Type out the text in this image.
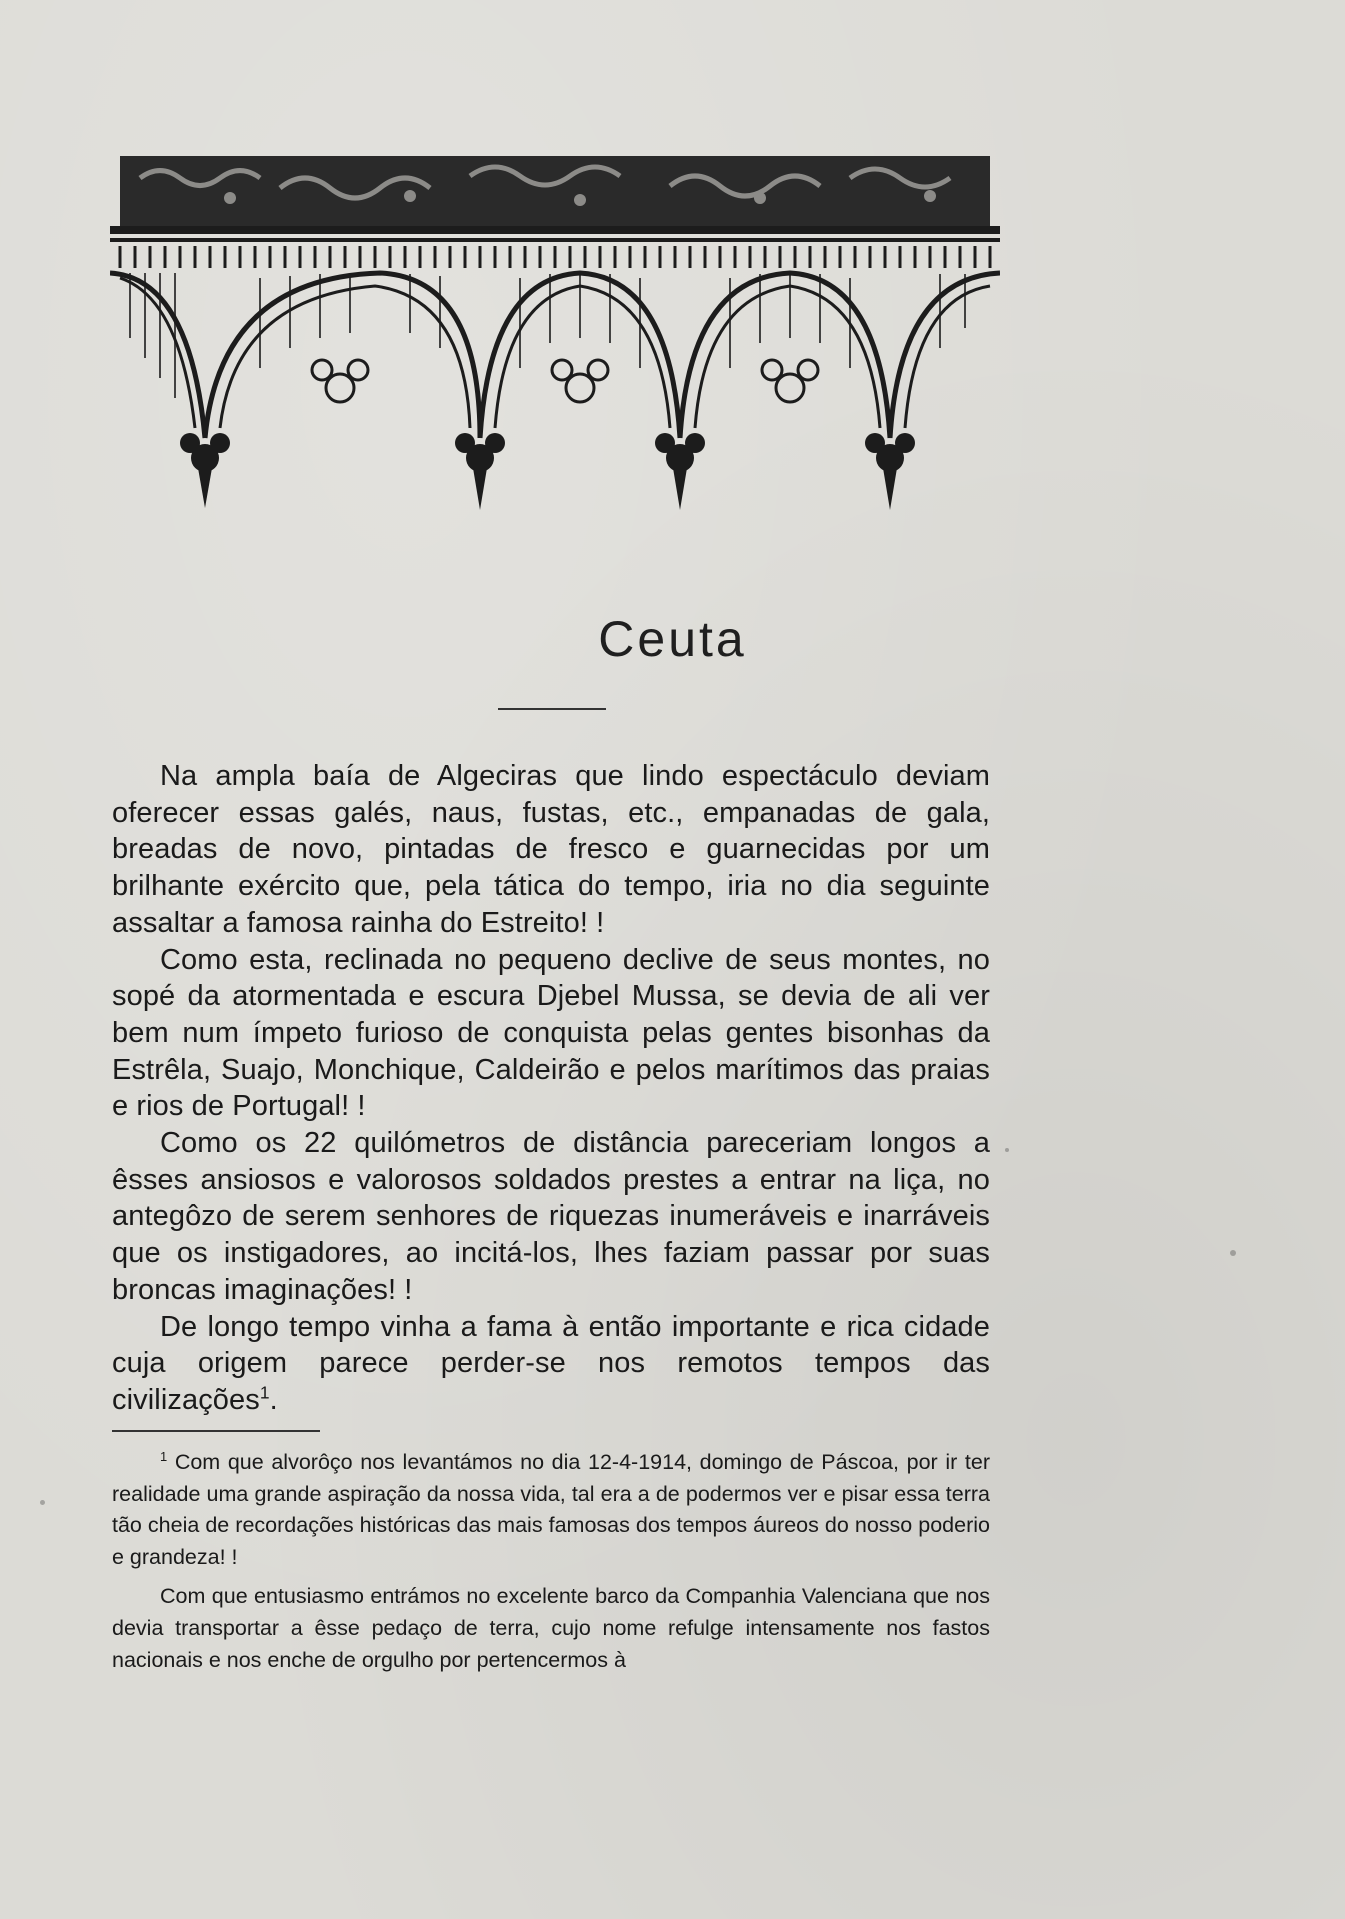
Ceuta

Na ampla baía de Algeciras que lindo espectáculo deviam oferecer essas galés, naus, fustas, etc., empanadas de gala, breadas de novo, pintadas de fresco e guarnecidas por um brilhante exército que, pela tática do tempo, iria no dia seguinte assaltar a famosa rainha do Estreito! !

Como esta, reclinada no pequeno declive de seus montes, no sopé da atormentada e escura Djebel Mussa, se devia de ali ver bem num ímpeto furioso de conquista pelas gentes bisonhas da Estrêla, Suajo, Monchique, Caldeirão e pelos marítimos das praias e rios de Portugal! !

Como os 22 quilómetros de distância pareceriam longos a êsses ansiosos e valorosos soldados prestes a entrar na liça, no antegôzo de serem senhores de riquezas inumeráveis e inarráveis que os instigadores, ao incitá-los, lhes faziam passar por suas broncas imaginações! !

De longo tempo vinha a fama à então importante e rica cidade cuja origem parece perder-se nos remotos tempos das civilizações$^1$.

$^1$ Com que alvorôço nos levantámos no dia 12-4-1914, domingo de Páscoa, por ir ter realidade uma grande aspiração da nossa vida, tal era a de podermos ver e pisar essa terra tão cheia de recordações históricas das mais famosas dos tempos áureos do nosso poderio e grandeza! !

Com que entusiasmo entrámos no excelente barco da Companhia Valenciana que nos devia transportar a êsse pedaço de terra, cujo nome refulge intensamente nos fastos nacionais e nos enche de orgulho por pertencermos à
